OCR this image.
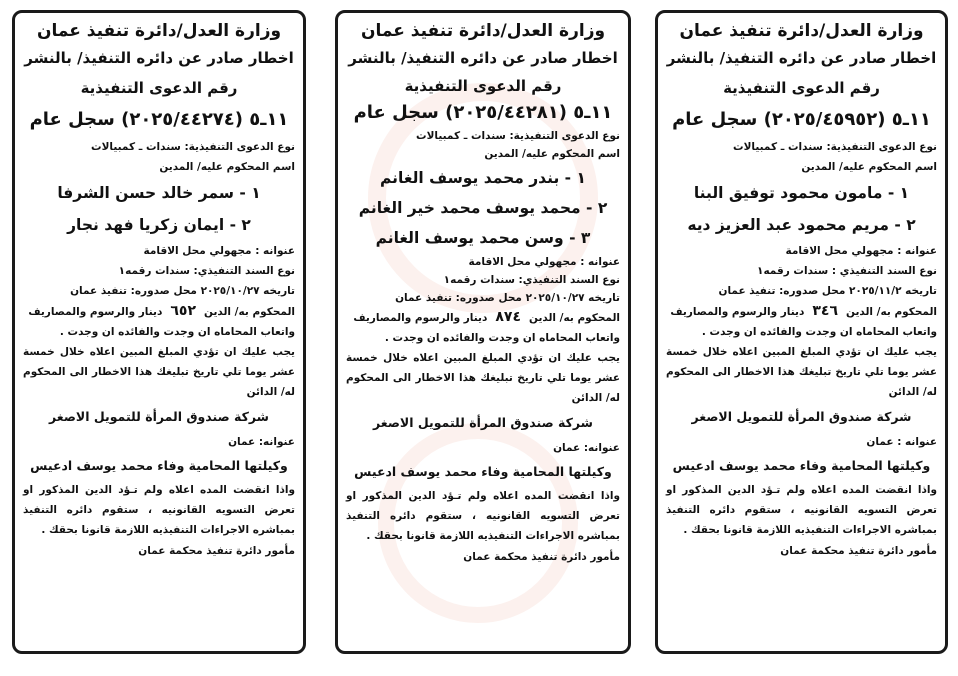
وزارة العدل/دائرة تنفيذ عمان
اخطار صادر عن دائره التنفيذ/ بالنشر
رقم الدعوى التنفيذية
١١ـ٥ (٢٠٢٥/٤٥٩٥٢) سجل عام
نوع الدعوى التنفيذية: سندات ـ كمبيالات
اسم المحكوم عليه/ المدين
١ - مامون محمود توفيق البنا
٢ - مريم محمود عبد العزيز ديه
عنوانه : مجهولي محل الاقامة
نوع السند التنفيذي : سندات رقمه١
تاريخه ٢٠٢٥/١١/٢ محل صدوره: تنفيذ عمان
المحكوم به/ الدين٣٤٦دينار والرسوم والمصاريف
واتعاب المحاماه ان وجدت والفائده ان وجدت .
يجب عليك ان تؤدي المبلغ المبين اعلاه خلال خمسة عشر يوما تلي تاريخ تبليغك هذا الاخطار الى المحكوم له/ الدائن
شركة صندوق المرأة للتمويل الاصغر
عنوانه : عمان
وكيلتها المحامية وفاء محمد يوسف ادعيس
واذا انقضت المده اعلاه ولم تـؤد الدين المذكور او تعرض التسويه القانونيه ، ستقوم دائره التنفيذ بمباشره الاجراءات التنفيذيه اللازمة قانونا بحقك .
مأمور دائرة تنفيذ محكمة عمان
وزارة العدل/دائرة تنفيذ عمان
اخطار صادر عن دائره التنفيذ/ بالنشر
رقم الدعوى التنفيذية
١١ـ٥ (٢٠٢٥/٤٤٢٨١) سجل عام
نوع الدعوى التنفيذية: سندات ـ كمبيالات
اسم المحكوم عليه/ المدين
١ - بندر محمد يوسف الغانم
٢ - محمد يوسف محمد خير الغانم
٣ - وسن محمد يوسف الغانم
عنوانه : مجهولي محل الاقامة
نوع السند التنفيذي: سندات رقمه١
تاريخه ٢٠٢٥/١٠/٢٧ محل صدوره: تنفيذ عمان
المحكوم به/ الدين٨٧٤دينار والرسوم والمصاريف
واتعاب المحاماه ان وجدت والفائده ان وجدت .
يجب عليك ان تؤدي المبلغ المبين اعلاه خلال خمسة عشر يوما تلي تاريخ تبليغك هذا الاخطار الى المحكوم له/ الدائن
شركة صندوق المرأة للتمويل الاصغر
عنوانه: عمان
وكيلتها المحامية وفاء محمد يوسف ادعيس
واذا انقضت المده اعلاه ولم تـؤد الدين المذكور او تعرض التسويه القانونيه ، ستقوم دائره التنفيذ بمباشره الاجراءات التنفيذيه اللازمة قانونا بحقك .
مأمور دائرة تنفيذ محكمة عمان
وزارة العدل/دائرة تنفيذ عمان
اخطار صادر عن دائره التنفيذ/ بالنشر
رقم الدعوى التنفيذية
١١ـ٥ (٢٠٢٥/٤٤٢٧٤) سجل عام
نوع الدعوى التنفيذية: سندات ـ كمبيالات
اسم المحكوم عليه/ المدين
١ - سمر خالد حسن الشرفا
٢ - ايمان زكريا فهد نجار
عنوانه : مجهولي محل الاقامة
نوع السند التنفيذي: سندات رقمه١
تاريخه ٢٠٢٥/١٠/٢٧ محل صدوره: تنفيذ عمان
المحكوم به/ الدين٦٥٢دينار والرسوم والمصاريف
واتعاب المحاماه ان وجدت والفائده ان وجدت .
يجب عليك ان تؤدي المبلغ المبين اعلاه خلال خمسة عشر يوما تلي تاريخ تبليغك هذا الاخطار الى المحكوم له/ الدائن
شركة صندوق المرأة للتمويل الاصغر
عنوانه: عمان
وكيلتها المحامية وفاء محمد يوسف ادعيس
واذا انقضت المده اعلاه ولم تـؤد الدين المذكور او تعرض التسويه القانونيه ، ستقوم دائره التنفيذ بمباشره الاجراءات التنفيذيه اللازمة قانونا بحقك .
مأمور دائرة تنفيذ محكمة عمان
